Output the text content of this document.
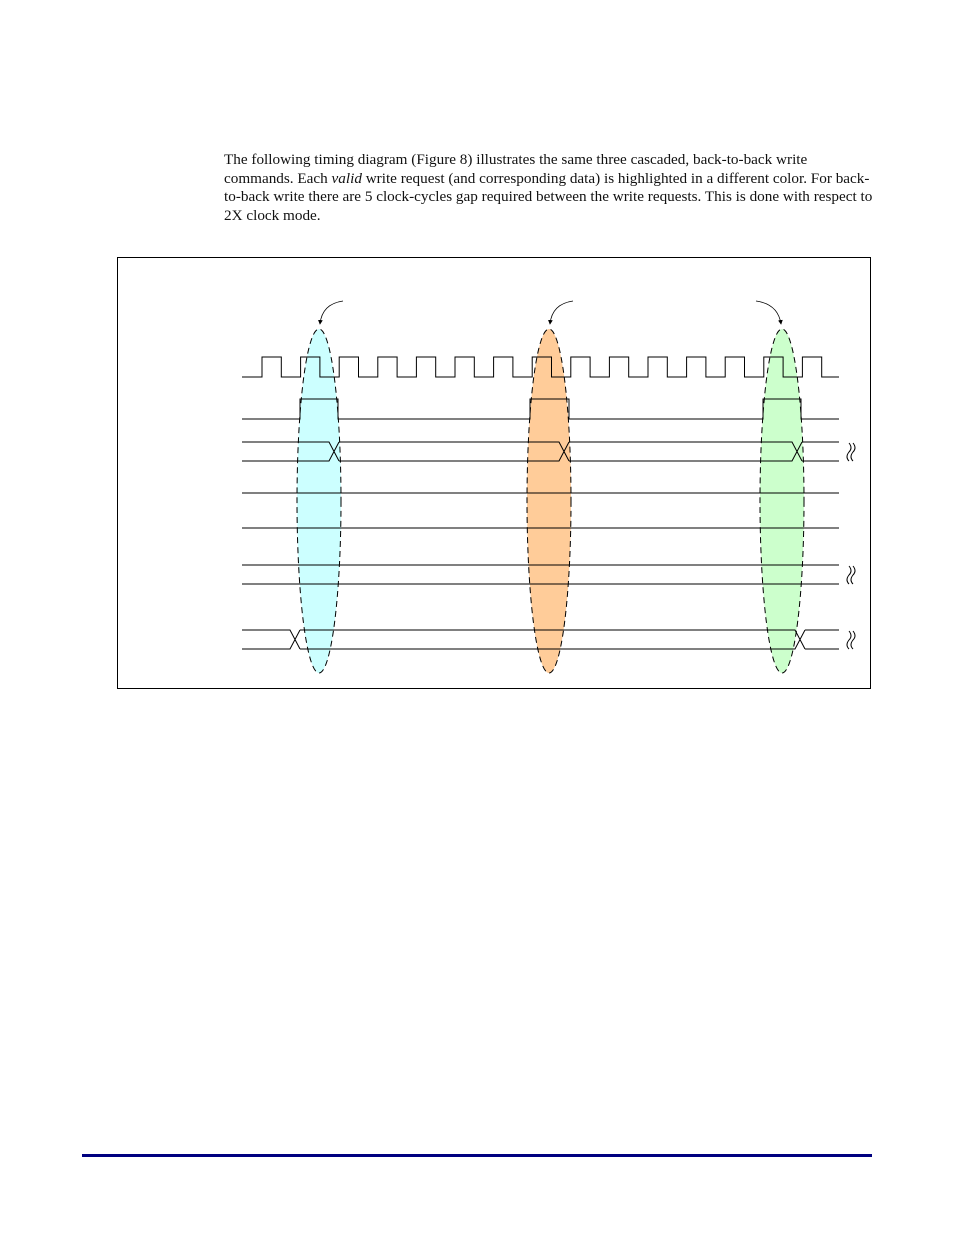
The following timing diagram (Figure 8) illustrates the same three cascaded, back-to-back write commands. Each valid write request (and corresponding data) is highlighted in a different color. For back-to-back write there are 5 clock-cycles gap required between the write requests. This is done with respect to 2X clock mode.
